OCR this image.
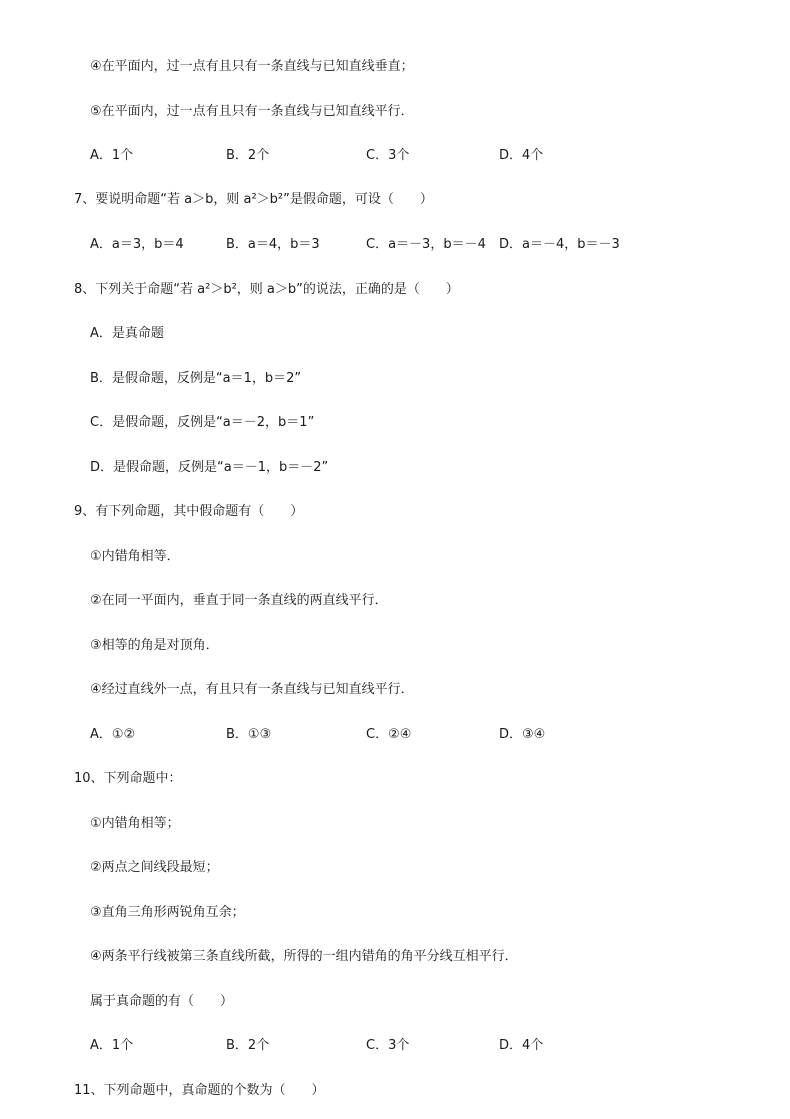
④在平面内，过一点有且只有一条直线与已知直线垂直；
⑤在平面内，过一点有且只有一条直线与已知直线平行．
A．1个	B．2个	C．3个	D．4个
7、要说明命题“若 a＞b，则 a²＞b²”是假命题，可设（　　）
A．a＝3，b＝4	B．a＝4，b＝3	C．a＝－3，b＝－4 D．a＝－4，b＝－3
8、下列关于命题“若 a²＞b²，则 a＞b”的说法，正确的是（　　）
A．是真命题
B．是假命题，反例是“a＝1，b＝2”
C．是假命题，反例是“a＝－2，b＝1”
D．是假命题，反例是“a＝－1，b＝－2”
9、有下列命题，其中假命题有（　　）
①内错角相等．
②在同一平面内，垂直于同一条直线的两直线平行．
③相等的角是对顶角．
④经过直线外一点，有且只有一条直线与已知直线平行．
A．①②	B．①③	C．②④	D．③④
10、下列命题中：
①内错角相等；
②两点之间线段最短；
③直角三角形两锐角互余；
④两条平行线被第三条直线所截，所得的一组内错角的角平分线互相平行．
属于真命题的有（　　）
A．1个	B．2个	C．3个	D．4个
11、下列命题中，真命题的个数为（　　）
